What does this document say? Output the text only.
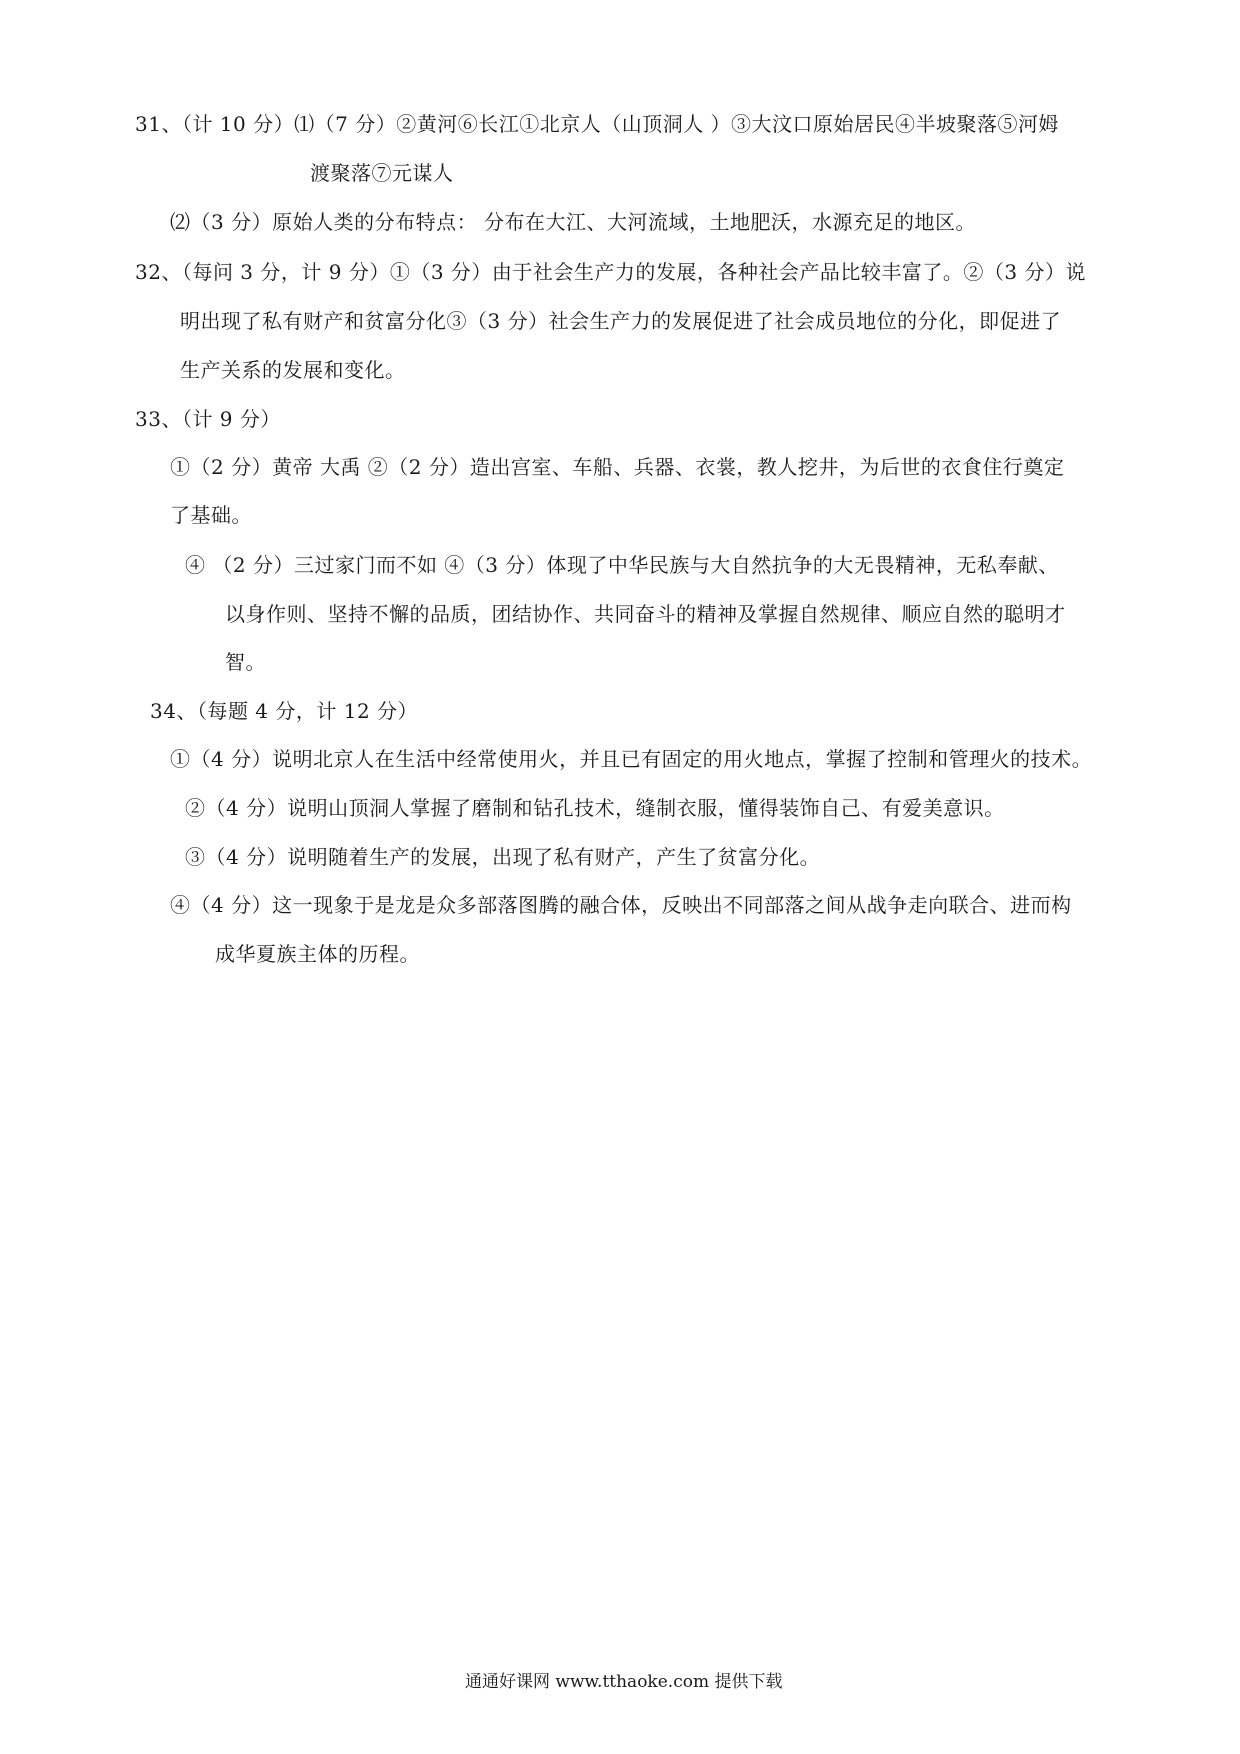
31、（计 10 分）⑴（7 分）②黄河⑥长江①北京人（山顶洞人 ）③大汶口原始居民④半坡聚落⑤河姆
渡聚落⑦元谋人
⑵（3 分）原始人类的分布特点： 分布在大江、大河流域，土地肥沃，水源充足的地区。
32、（每问 3 分，计 9 分）①（3 分）由于社会生产力的发展，各种社会产品比较丰富了。②（3 分）说
明出现了私有财产和贫富分化③（3 分）社会生产力的发展促进了社会成员地位的分化，即促进了
生产关系的发展和变化。
33、（计 9 分）
①（2 分）黄帝 大禹 ②（2 分）造出宫室、车船、兵器、衣裳，教人挖井，为后世的衣食住行奠定
了基础。
④ （2 分）三过家门而不如 ④（3 分）体现了中华民族与大自然抗争的大无畏精神，无私奉献、
以身作则、坚持不懈的品质，团结协作、共同奋斗的精神及掌握自然规律、顺应自然的聪明才
智。
34、（每题 4 分，计 12 分）
①（4 分）说明北京人在生活中经常使用火，并且已有固定的用火地点，掌握了控制和管理火的技术。
②（4 分）说明山顶洞人掌握了磨制和钻孔技术，缝制衣服，懂得装饰自己、有爱美意识。
③（4 分）说明随着生产的发展，出现了私有财产，产生了贫富分化。
④（4 分）这一现象于是龙是众多部落图腾的融合体，反映出不同部落之间从战争走向联合、进而构
成华夏族主体的历程。
通通好课网 www.tthaoke.com 提供下载
